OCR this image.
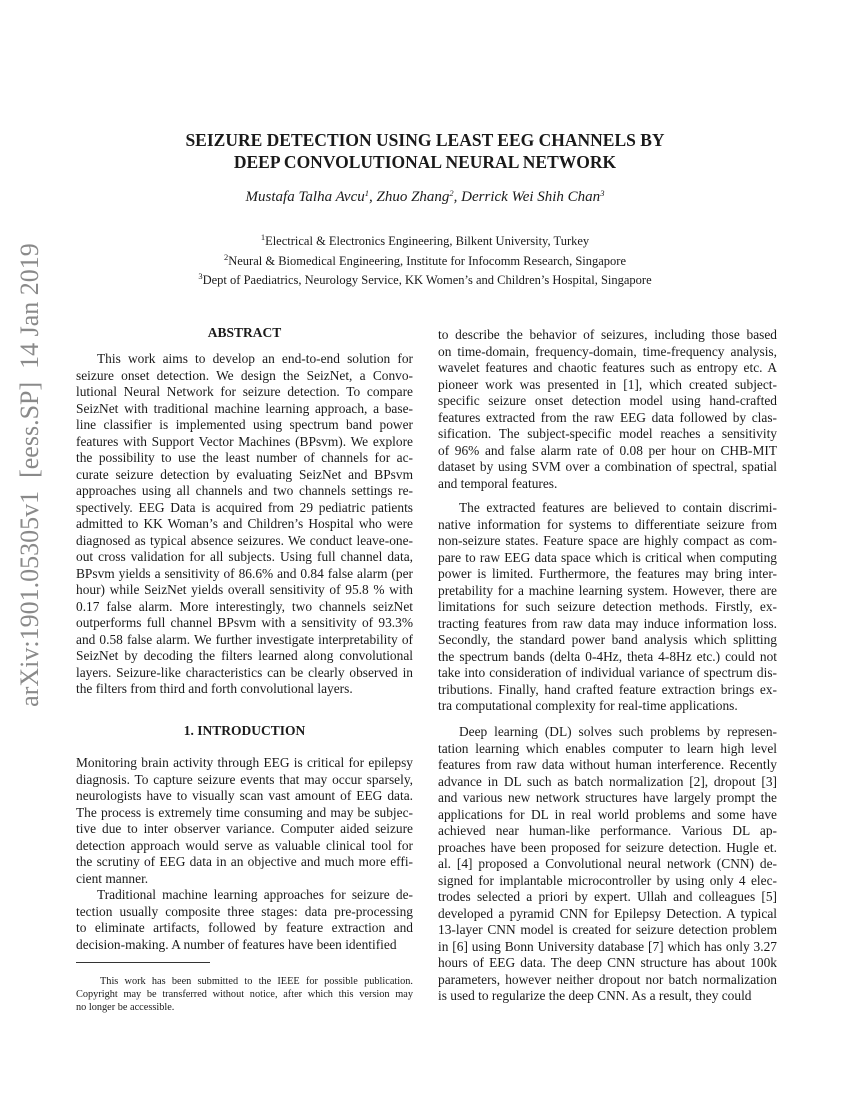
arXiv:1901.05305v1  [eess.SP]  14 Jan 2019
SEIZURE DETECTION USING LEAST EEG CHANNELS BY
DEEP CONVOLUTIONAL NEURAL NETWORK
Mustafa Talha Avcu$^1$, Zhuo Zhang$^2$, Derrick Wei Shih Chan$^3$
$^1$Electrical & Electronics Engineering, Bilkent University, Turkey
$^2$Neural & Biomedical Engineering, Institute for Infocomm Research, Singapore
$^3$Dept of Paediatrics, Neurology Service, KK Women’s and Children’s Hospital, Singapore
ABSTRACT
1. INTRODUCTION
This work aims to develop an end-to-end solution for
seizure onset detection. We design the SeizNet, a Convo-
lutional Neural Network for seizure detection. To compare
SeizNet with traditional machine learning approach, a base-
line classifier is implemented using spectrum band power
features with Support Vector Machines (BPsvm). We explore
the possibility to use the least number of channels for ac-
curate seizure detection by evaluating SeizNet and BPsvm
approaches using all channels and two channels settings re-
spectively. EEG Data is acquired from 29 pediatric patients
admitted to KK Woman’s and Children’s Hospital who were
diagnosed as typical absence seizures. We conduct leave-one-
out cross validation for all subjects. Using full channel data,
BPsvm yields a sensitivity of 86.6% and 0.84 false alarm (per
hour) while SeizNet yields overall sensitivity of 95.8 % with
0.17 false alarm. More interestingly, two channels seizNet
outperforms full channel BPsvm with a sensitivity of 93.3%
and 0.58 false alarm. We further investigate interpretability of
SeizNet by decoding the filters learned along convolutional
layers. Seizure-like characteristics can be clearly observed in
the filters from third and forth convolutional layers.
Monitoring brain activity through EEG is critical for epilepsy
diagnosis. To capture seizure events that may occur sparsely,
neurologists have to visually scan vast amount of EEG data.
The process is extremely time consuming and may be subjec-
tive due to inter observer variance. Computer aided seizure
detection approach would serve as valuable clinical tool for
the scrutiny of EEG data in an objective and much more effi-
cient manner.
Traditional machine learning approaches for seizure de-
tection usually composite three stages: data pre-processing
to eliminate artifacts, followed by feature extraction and
decision-making. A number of features have been identified
This work has been submitted to the IEEE for possible publication.
Copyright may be transferred without notice, after which this version may
no longer be accessible.
to describe the behavior of seizures, including those based
on time-domain, frequency-domain, time-frequency analysis,
wavelet features and chaotic features such as entropy etc. A
pioneer work was presented in [1], which created subject-
specific seizure onset detection model using hand-crafted
features extracted from the raw EEG data followed by clas-
sification. The subject-specific model reaches a sensitivity
of 96% and false alarm rate of 0.08 per hour on CHB-MIT
dataset by using SVM over a combination of spectral, spatial
and temporal features.
The extracted features are believed to contain discrimi-
native information for systems to differentiate seizure from
non-seizure states. Feature space are highly compact as com-
pare to raw EEG data space which is critical when computing
power is limited. Furthermore, the features may bring inter-
pretability for a machine learning system. However, there are
limitations for such seizure detection methods. Firstly, ex-
tracting features from raw data may induce information loss.
Secondly, the standard power band analysis which splitting
the spectrum bands (delta 0-4Hz, theta 4-8Hz etc.) could not
take into consideration of individual variance of spectrum dis-
tributions. Finally, hand crafted feature extraction brings ex-
tra computational complexity for real-time applications.
Deep learning (DL) solves such problems by represen-
tation learning which enables computer to learn high level
features from raw data without human interference. Recently
advance in DL such as batch normalization [2], dropout [3]
and various new network structures have largely prompt the
applications for DL in real world problems and some have
achieved near human-like performance. Various DL ap-
proaches have been proposed for seizure detection. Hugle et.
al. [4] proposed a Convolutional neural network (CNN) de-
signed for implantable microcontroller by using only 4 elec-
trodes selected a priori by expert. Ullah and colleagues [5]
developed a pyramid CNN for Epilepsy Detection. A typical
13-layer CNN model is created for seizure detection problem
in [6] using Bonn University database [7] which has only 3.27
hours of EEG data. The deep CNN structure has about 100k
parameters, however neither dropout nor batch normalization
is used to regularize the deep CNN. As a result, they could
